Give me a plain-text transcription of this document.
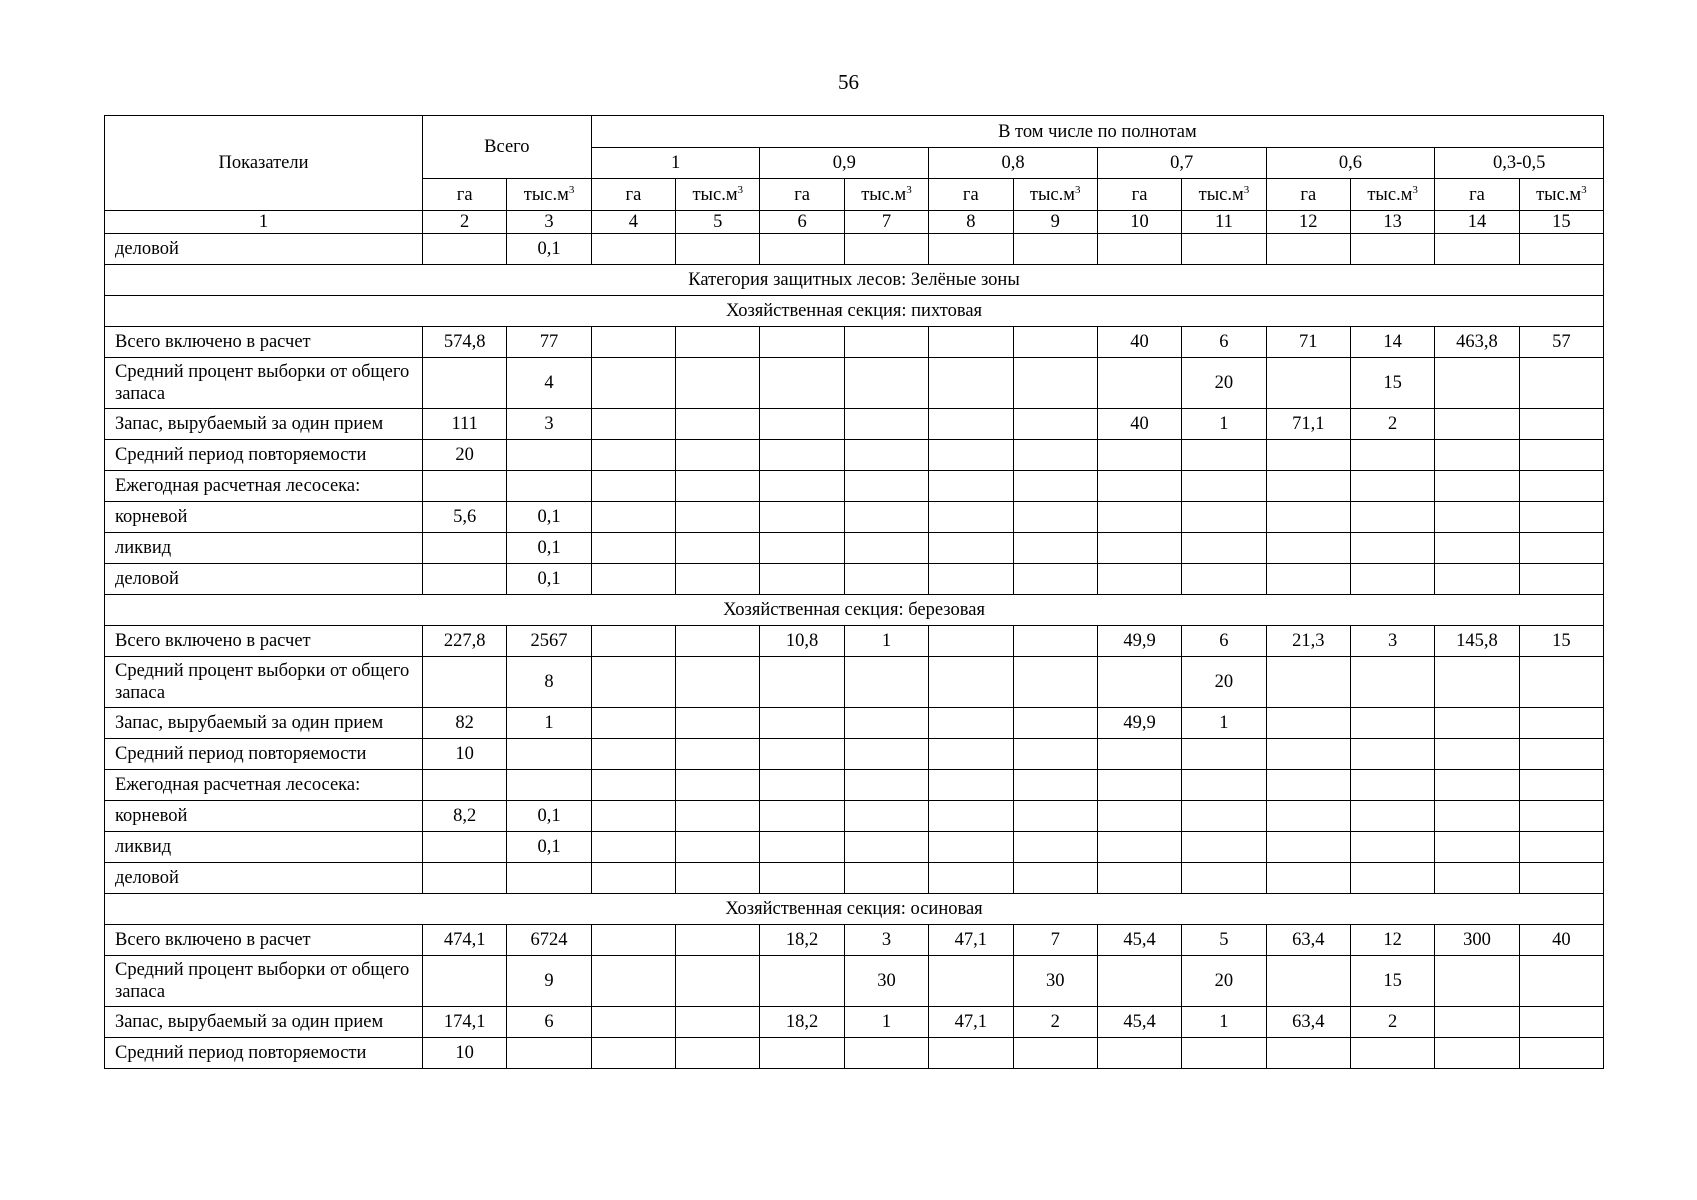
56
Показатели	Всего		В том числе по полнотам											
			1		0,9		0,8		0,7		0,6		0,3-0,5	
	га	$тыс.м^3$	га	$тыс.м^3$	га	$тыс.м^3$	га	$тыс.м^3$	га	$тыс.м^3$	га	$тыс.м^3$	га	$тыс.м^3$
1	2	3	4	5	6	7	8	9	10	11	12	13	14	15
деловой		0,1												
Категория защитных лесов: Зелёные зоны														
Хозяйственная секция: пихтовая														
Всего включено в расчет	574,8	77							40	6	71	14	463,8	57
Средний процент выборки от общего запаса		4								20		15		
Запас, вырубаемый за один прием	111	3							40	1	71,1	2		
Средний период повторяемости	20													
Ежегодная расчетная лесосека:														
корневой	5,6	0,1												
ликвид		0,1												
деловой		0,1												
Хозяйственная секция: березовая														
Всего включено в расчет	227,8	2567			10,8	1			49,9	6	21,3	3	145,8	15
Средний процент выборки от общего запаса		8								20				
Запас, вырубаемый за один прием	82	1							49,9	1				
Средний период повторяемости	10													
Ежегодная расчетная лесосека:														
корневой	8,2	0,1												
ликвид		0,1												
деловой														
Хозяйственная секция: осиновая														
Всего включено в расчет	474,1	6724			18,2	3	47,1	7	45,4	5	63,4	12	300	40
Средний процент выборки от общего запаса		9				30		30		20		15		
Запас, вырубаемый за один прием	174,1	6			18,2	1	47,1	2	45,4	1	63,4	2		
Средний период повторяемости	10													
